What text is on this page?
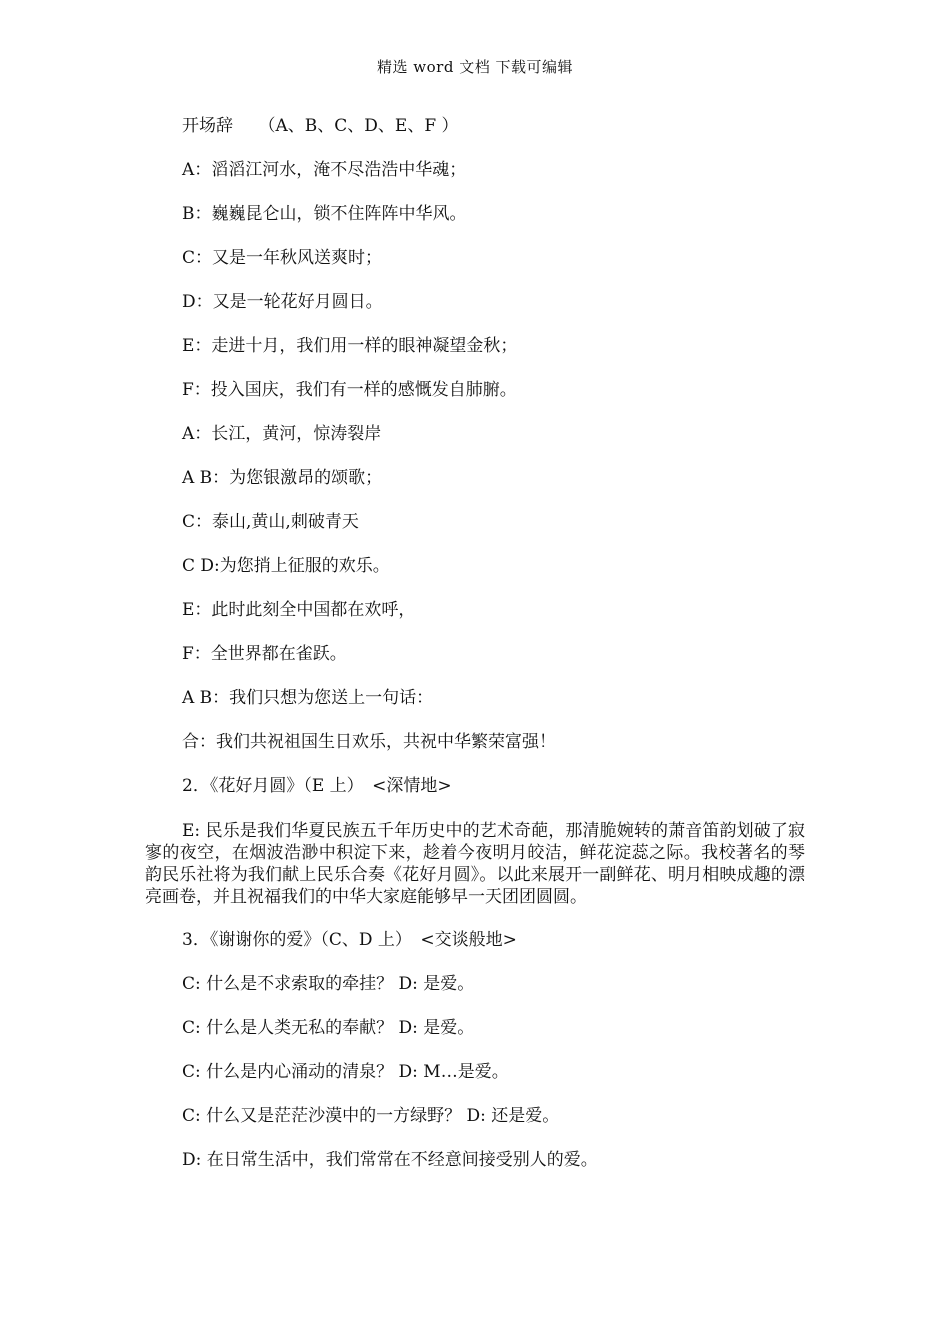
精选 word 文档 下载可编辑
开场辞　　（A、B、C、D、E、F ）
A：滔滔江河水，淹不尽浩浩中华魂；
B：巍巍昆仑山，锁不住阵阵中华风。
C：又是一年秋风送爽时；
D：又是一轮花好月圆日。
E：走进十月，我们用一样的眼神凝望金秋；
F：投入国庆，我们有一样的感慨发自肺腑。
A：长江，黄河，惊涛裂岸
A B：为您银激昂的颂歌；
C：泰山,黄山,刺破青天
C D:为您捎上征服的欢乐。
E：此时此刻全中国都在欢呼，
F：全世界都在雀跃。
A B：我们只想为您送上一句话：
合：我们共祝祖国生日欢乐，共祝中华繁荣富强！
2．《花好月圆》（E 上）　<深情地>
E: 民乐是我们华夏民族五千年历史中的艺术奇葩，那清脆婉转的萧音笛韵划破了寂寥的夜空，在烟波浩渺中积淀下来，趁着今夜明月皎洁，鲜花淀蕊之际。我校著名的琴韵民乐社将为我们献上民乐合奏《花好月圆》。以此来展开一副鲜花、明月相映成趣的漂亮画卷，并且祝福我们的中华大家庭能够早一天团团圆圆。
3．《谢谢你的爱》（C、D 上）　<交谈般地>
C: 什么是不求索取的牵挂？ D: 是爱。
C: 什么是人类无私的奉献？ D: 是爱。
C: 什么是内心涌动的清泉？ D: M…是爱。
C: 什么又是茫茫沙漠中的一方绿野？ D: 还是爱。
D: 在日常生活中，我们常常在不经意间接受别人的爱。
